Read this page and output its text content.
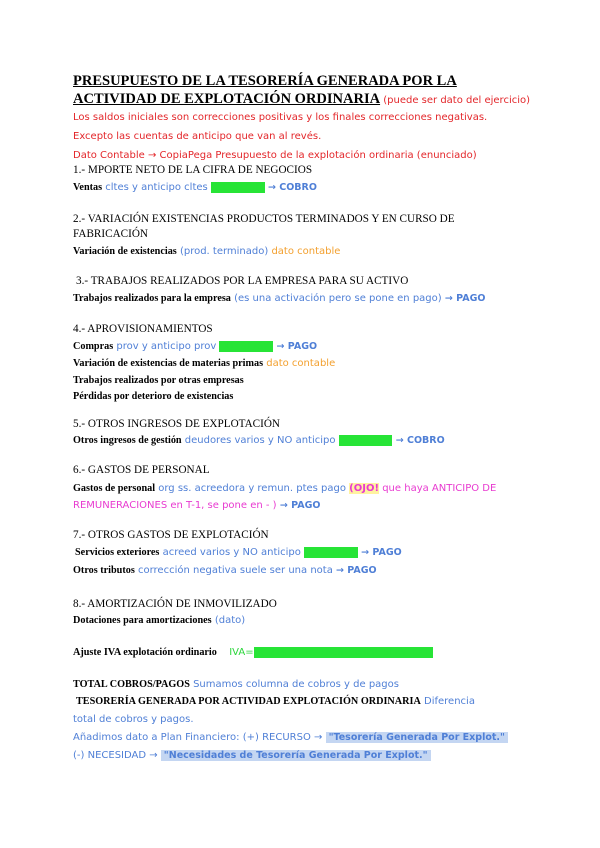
PRESUPUESTO DE LA TESORERÍA GENERADA POR LA
ACTIVIDAD DE EXPLOTACIÓN ORDINARIA (puede ser dato del ejercicio)
Los saldos iniciales son correcciones positivas y los finales correcciones negativas.
Excepto las cuentas de anticipo que van al revés.
Dato Contable → CopiaPega Presupuesto de la explotación ordinaria (enunciado)
1.- MPORTE NETO DE LA CIFRA DE NEGOCIOS
Ventas cltes y anticipo cltes X1 SI/SF → COBRO
2.- VARIACIÓN EXISTENCIAS PRODUCTOS TERMINADOS Y EN CURSO DE
FABRICACIÓN
Variación de existencias (prod. terminado) dato contable
3.- TRABAJOS REALIZADOS POR LA EMPRESA PARA SU ACTIVO
Trabajos realizados para la empresa (es una activación pero se pone en pago) → PAGO
4.- APROVISIONAMIENTOS
Compras prov y anticipo prov X1 SI/SF → PAGO
Variación de existencias de materias primas dato contable
Trabajos realizados por otras empresas
Pérdidas por deterioro de existencias
5.- OTROS INGRESOS DE EXPLOTACIÓN
Otros ingresos de gestión deudores varios y NO anticipo X1 SI/SF → COBRO
6.- GASTOS DE PERSONAL
Gastos de personal org ss. acreedora y remun. ptes pago (OJO! que haya ANTICIPO DE
REMUNERACIONES en T-1, se pone en - ) → PAGO
7.- OTROS GASTOS DE EXPLOTACIÓN
Servicios exteriores acreed varios y NO anticipo X1 SI/SF → PAGO
Otros tributos corrección negativa suele ser una nota → PAGO
8.- AMORTIZACIÓN DE INMOVILIZADO
Dotaciones para amortizaciones (dato)
Ajuste IVA explotación ordinario IVA= X 21% IVTA+IMGR-COMPR-SERV EXT
TOTAL COBROS/PAGOS Sumamos columna de cobros y de pagos
TESORERÍA GENERADA POR ACTIVIDAD EXPLOTACIÓN ORDINARIA Diferencia
total de cobros y pagos.
Añadimos dato a Plan Financiero: (+) RECURSO → "Tesorería Generada Por Explot."
(-) NECESIDAD → "Necesidades de Tesorería Generada Por Explot."
